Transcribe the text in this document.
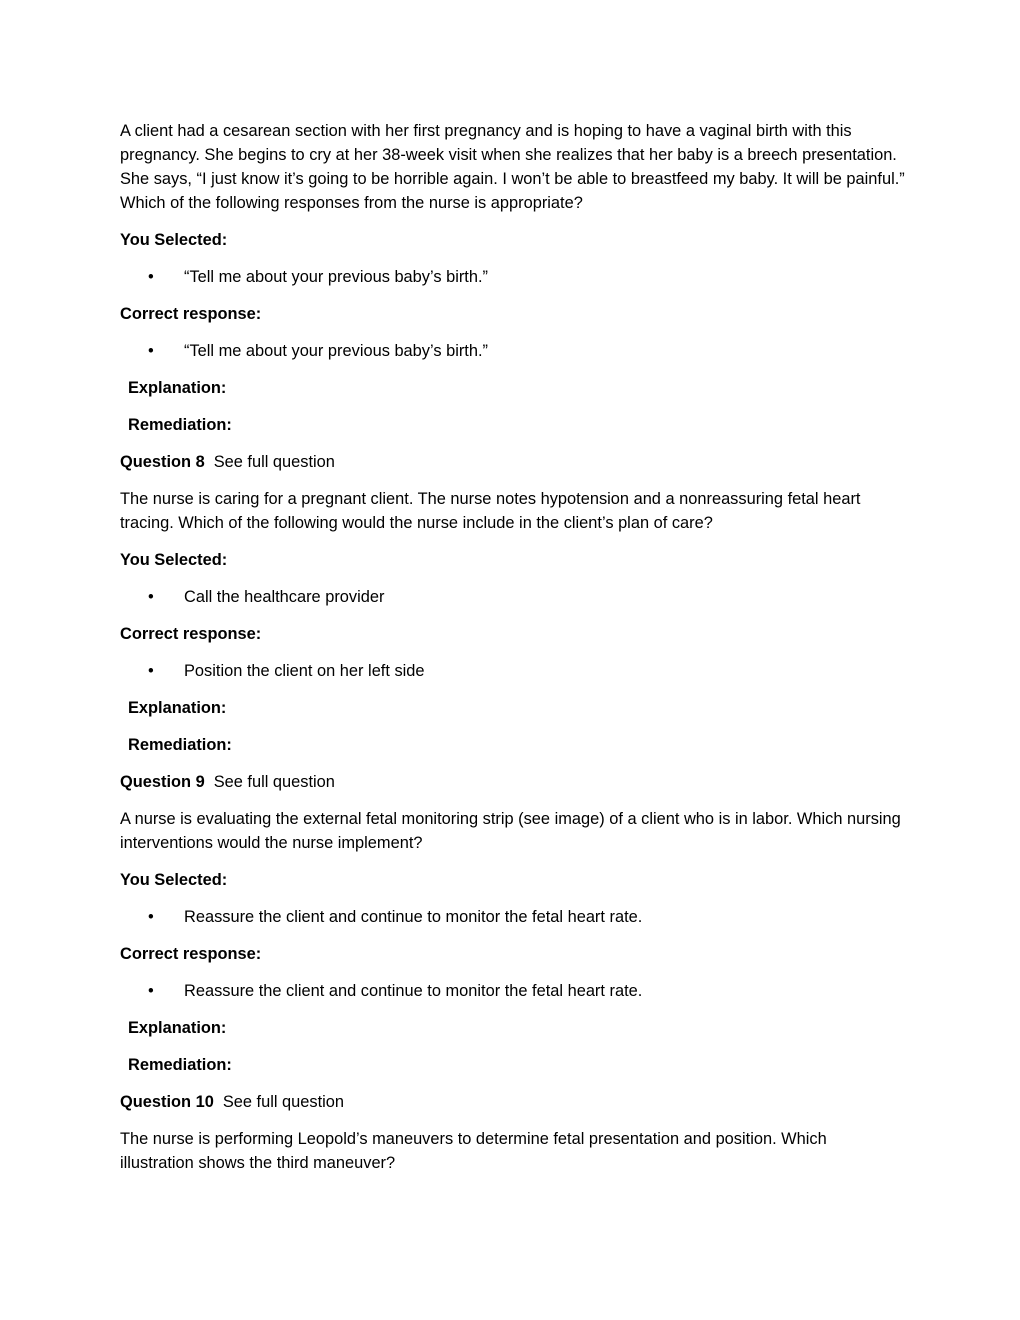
A client had a cesarean section with her first pregnancy and is hoping to have a vaginal birth with this pregnancy. She begins to cry at her 38-week visit when she realizes that her baby is a breech presentation. She says, “I just know it’s going to be horrible again. I won’t be able to breastfeed my baby. It will be painful.” Which of the following responses from the nurse is appropriate?

You Selected:
• “Tell me about your previous baby’s birth.”
Correct response:
• “Tell me about your previous baby’s birth.”
Explanation:
Remediation:
Question 8 See full question

The nurse is caring for a pregnant client. The nurse notes hypotension and a nonreassuring fetal heart tracing. Which of the following would the nurse include in the client’s plan of care?

You Selected:
• Call the healthcare provider
Correct response:
• Position the client on her left side
Explanation:
Remediation:
Question 9 See full question

A nurse is evaluating the external fetal monitoring strip (see image) of a client who is in labor. Which nursing interventions would the nurse implement?

You Selected:
• Reassure the client and continue to monitor the fetal heart rate.
Correct response:
• Reassure the client and continue to monitor the fetal heart rate.
Explanation:
Remediation:
Question 10 See full question

The nurse is performing Leopold’s maneuvers to determine fetal presentation and position. Which illustration shows the third maneuver?
